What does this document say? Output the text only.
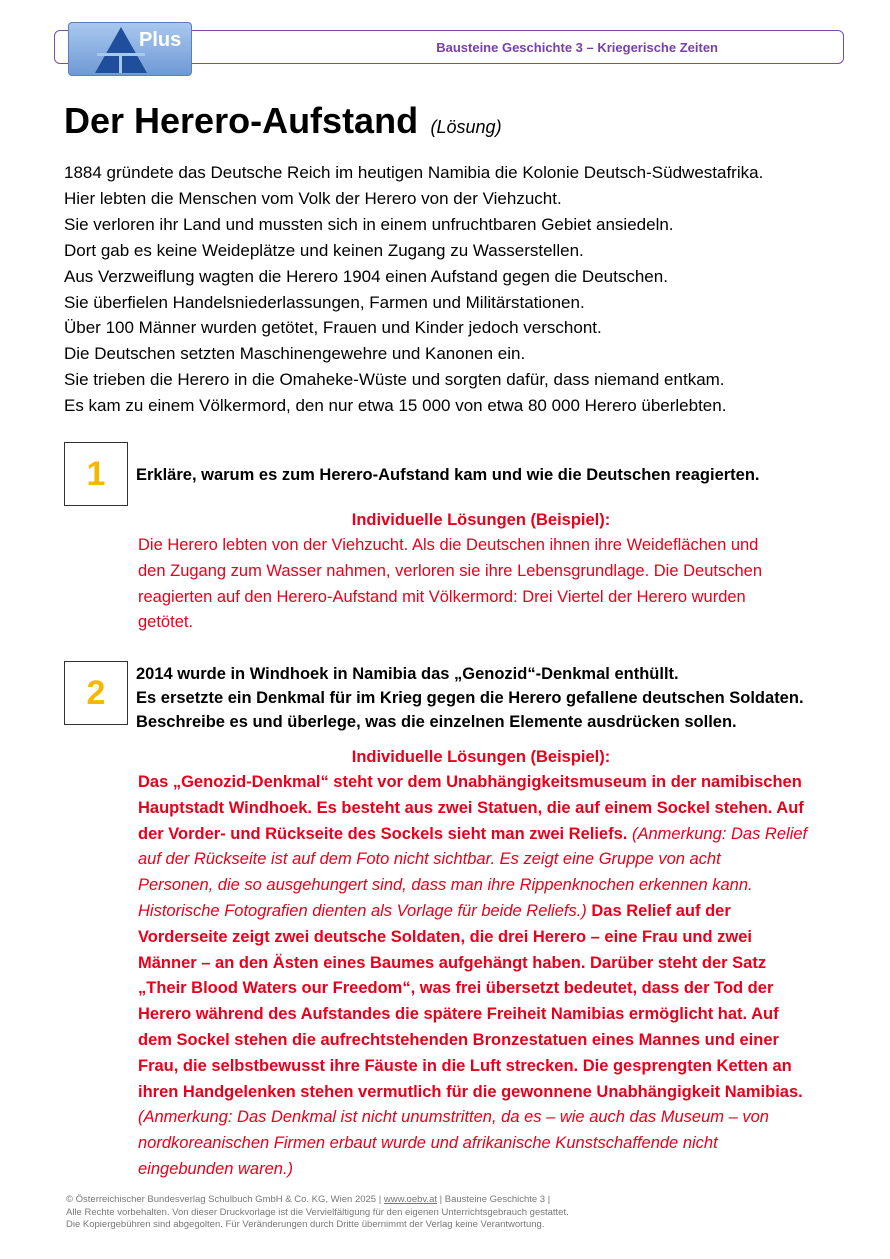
Plus	Bausteine Geschichte 3 – Kriegerische Zeiten
Der Herero-Aufstand (Lösung)

1884 gründete das Deutsche Reich im heutigen Namibia die Kolonie Deutsch-Südwestafrika.

Hier lebten die Menschen vom Volk der Herero von der Viehzucht.

Sie verloren ihr Land und mussten sich in einem unfruchtbaren Gebiet ansiedeln.

Dort gab es keine Weideplätze und keinen Zugang zu Wasserstellen.

Aus Verzweiflung wagten die Herero 1904 einen Aufstand gegen die Deutschen.

Sie überfielen Handelsniederlassungen, Farmen und Militärstationen.

Über 100 Männer wurden getötet, Frauen und Kinder jedoch verschont.

Die Deutschen setzten Maschinengewehre und Kanonen ein.

Sie trieben die Herero in die Omaheke-Wüste und sorgten dafür, dass niemand entkam.

Es kam zu einem Völkermord, den nur etwa 15 000 von etwa 80 000 Herero überlebten.

1	Erkläre, warum es zum Herero-Aufstand kam und wie die Deutschen reagierten.
Individuelle Lösungen (Beispiel):
Die Herero lebten von der Viehzucht. Als die Deutschen ihnen ihre Weideflächen und
den Zugang zum Wasser nahmen, verloren sie ihre Lebensgrundlage. Die Deutschen
reagierten auf den Herero-Aufstand mit Völkermord: Drei Viertel der Herero wurden
getötet.
2	2014 wurde in Windhoek in Namibia das „Genozid“-Denkmal enthüllt.
Es ersetzte ein Denkmal für im Krieg gegen die Herero gefallene deutschen Soldaten.
Beschreibe es und überlege, was die einzelnen Elemente ausdrücken sollen.
Individuelle Lösungen (Beispiel):
Das „Genozid-Denkmal“ steht vor dem Unabhängigkeitsmuseum in der namibischen
Hauptstadt Windhoek. Es besteht aus zwei Statuen, die auf einem Sockel stehen. Auf
der Vorder- und Rückseite des Sockels sieht man zwei Reliefs. (Anmerkung: Das Relief
auf der Rückseite ist auf dem Foto nicht sichtbar. Es zeigt eine Gruppe von acht
Personen, die so ausgehungert sind, dass man ihre Rippenknochen erkennen kann.
Historische Fotografien dienten als Vorlage für beide Reliefs.) Das Relief auf der
Vorderseite zeigt zwei deutsche Soldaten, die drei Herero – eine Frau und zwei
Männer – an den Ästen eines Baumes aufgehängt haben. Darüber steht der Satz
„Their Blood Waters our Freedom“, was frei übersetzt bedeutet, dass der Tod der
Herero während des Aufstandes die spätere Freiheit Namibias ermöglicht hat. Auf
dem Sockel stehen die aufrechtstehenden Bronzestatuen eines Mannes und einer
Frau, die selbstbewusst ihre Fäuste in die Luft strecken. Die gesprengten Ketten an
ihren Handgelenken stehen vermutlich für die gewonnene Unabhängigkeit Namibias.
(Anmerkung: Das Denkmal ist nicht unumstritten, da es – wie auch das Museum – von
nordkoreanischen Firmen erbaut wurde und afrikanische Kunstschaffende nicht
eingebunden waren.)

© Österreichischer Bundesverlag Schulbuch GmbH & Co. KG, Wien 2025 | www.oebv.at | Bausteine Geschichte 3 |

Alle Rechte vorbehalten. Von dieser Druckvorlage ist die Vervielfältigung für den eigenen Unterrichtsgebrauch gestattet.

Die Kopiergebühren sind abgegolten. Für Veränderungen durch Dritte übernimmt der Verlag keine Verantwortung.
